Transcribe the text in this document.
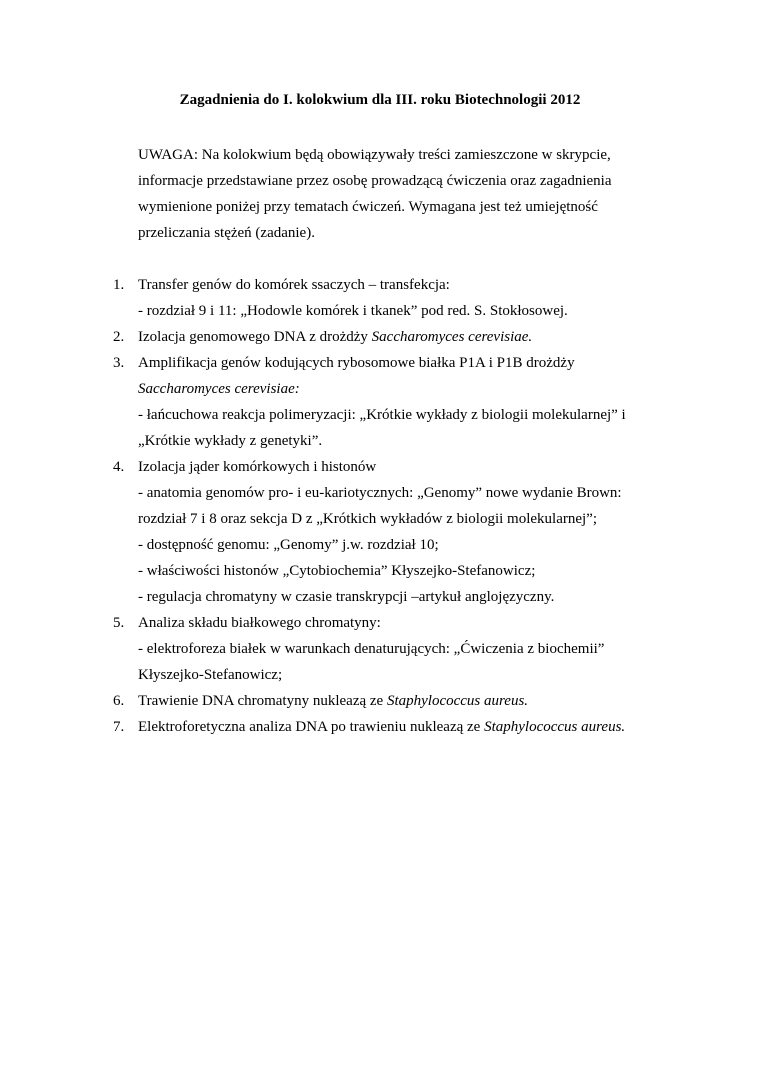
Zagadnienia do I. kolokwium dla III. roku Biotechnologii 2012
UWAGA: Na kolokwium będą obowiązywały treści zamieszczone w skrypcie,
informacje przedstawiane przez osobę prowadzącą ćwiczenia oraz zagadnienia
wymienione poniżej przy tematach ćwiczeń. Wymagana jest też umiejętność
przeliczania stężeń (zadanie).
1. Transfer genów do komórek ssaczych – transfekcja:
- rozdział 9 i 11: „Hodowle komórek i tkanek” pod red. S. Stokłosowej.
2. Izolacja genomowego DNA z drożdży Saccharomyces cerevisiae.
3. Amplifikacja genów kodujących rybosomowe białka P1A i P1B drożdży
Saccharomyces cerevisiae:
- łańcuchowa reakcja polimeryzacji: „Krótkie wykłady z biologii molekularnej” i
„Krótkie wykłady z genetyki”.
4. Izolacja jąder komórkowych i histonów
- anatomia genomów pro- i eu-kariotycznych: „Genomy” nowe wydanie Brown:
rozdział 7 i 8 oraz sekcja D z „Krótkich wykładów z biologii molekularnej”;
- dostępność genomu: „Genomy” j.w. rozdział 10;
- właściwości histonów „Cytobiochemia” Kłyszejko-Stefanowicz;
- regulacja chromatyny w czasie transkrypcji –artykuł anglojęzyczny.
5. Analiza składu białkowego chromatyny:
- elektroforeza białek w warunkach denaturujących: „Ćwiczenia z biochemii”
Kłyszejko-Stefanowicz;
6. Trawienie DNA chromatyny nukleazą ze Staphylococcus aureus.
7. Elektroforetyczna analiza DNA po trawieniu nukleazą ze Staphylococcus aureus.
